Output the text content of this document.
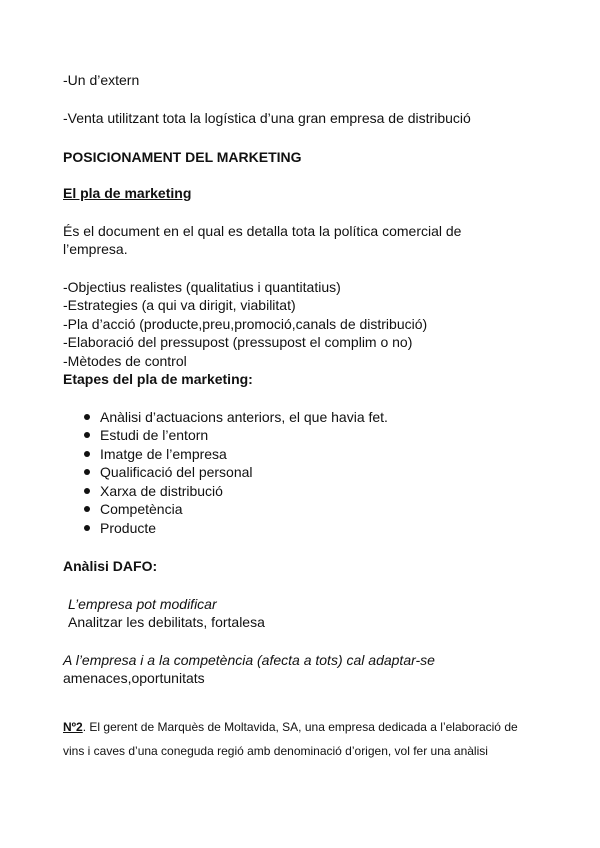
-Un d’extern
-Venta utilitzant tota la logística d’una gran empresa de distribució
POSICIONAMENT DEL MARKETING
El pla de marketing
És el document en el qual es detalla tota la política comercial de
l’empresa.
-Objectius realistes (qualitatius i quantitatius)
-Estrategies (a qui va dirigit, viabilitat)
-Pla d’acció (producte,preu,promoció,canals de distribució)
-Elaboració del pressupost (pressupost el complim o no)
-Mètodes de control
Etapes del pla de marketing:
Anàlisi d’actuacions anteriors, el que havia fet.
Estudi de l’entorn
Imatge de l’empresa
Qualificació del personal
Xarxa de distribució
Competència
Producte
Anàlisi DAFO:
L’empresa pot modificar
Analitzar les debilitats, fortalesa
A l’empresa i a la competència (afecta a tots) cal adaptar-se
amenaces,oportunitats
Nº2. El gerent de Marquès de Moltavida, SA, una empresa dedicada a l’elaboració de
vins i caves d’una coneguda regió amb denominació d’origen, vol fer una anàlisi
